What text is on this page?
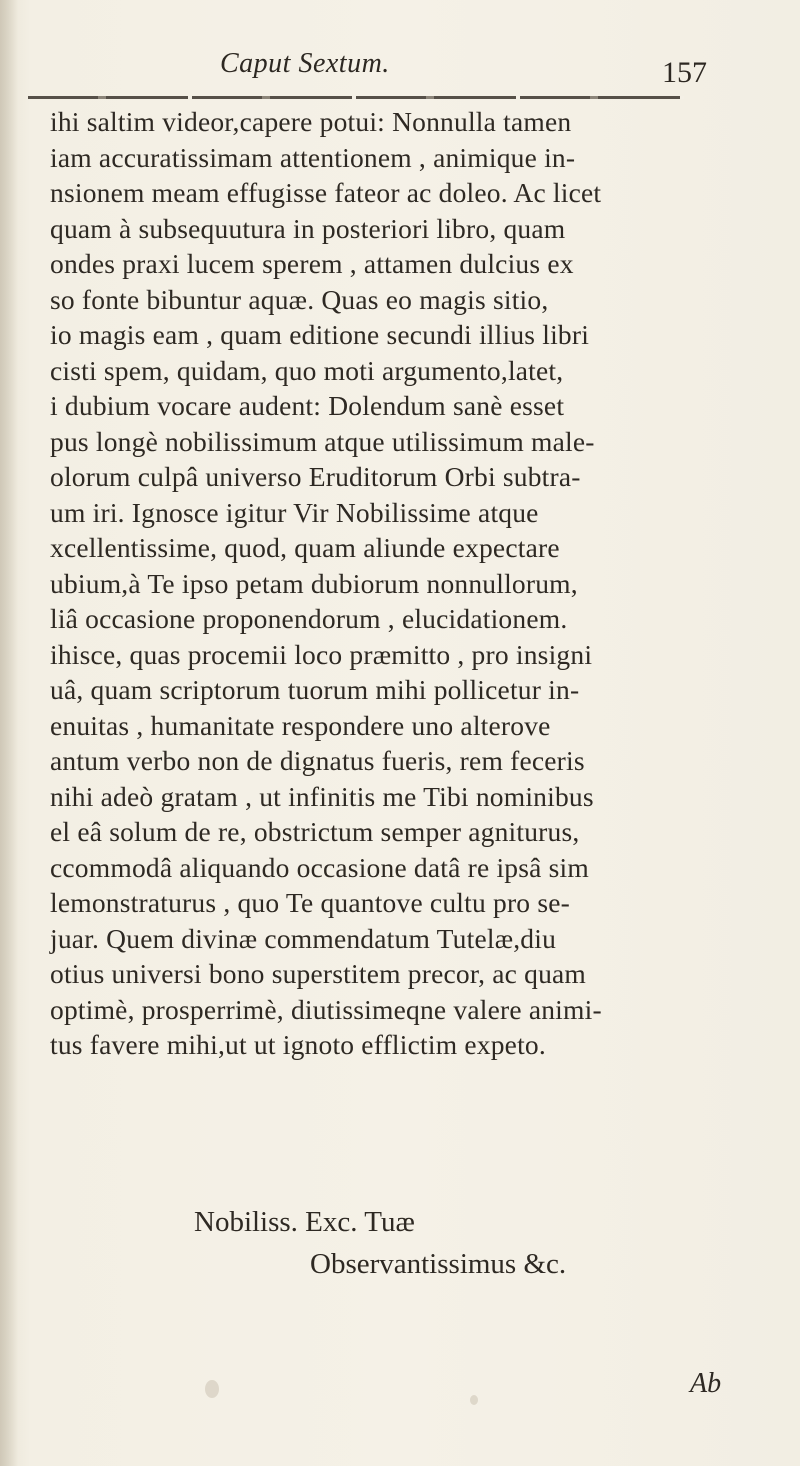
Caput Sextum.	157
ihi saltim videor,capere potui: Nonnulla tamen
iam accuratissimam attentionem , animique in-
nsionem meam effugisse fateor ac doleo. Ac licet
quam à subsequutura in posteriori libro, quam
ondes praxi lucem sperem , attamen dulcius ex
so fonte bibuntur aquæ. Quas eo magis sitio,
io magis eam , quam editione secundi illius libri
cisti spem, quidam, quo moti argumento,latet,
i dubium vocare audent: Dolendum sanè esset
pus longè nobilissimum atque utilissimum male-
olorum culpâ universo Eruditorum Orbi subtra-
um iri. Ignosce igitur Vir Nobilissime atque
xcellentissime, quod, quam aliunde expectare
ubium,à Te ipso petam dubiorum nonnullorum,
liâ occasione proponendorum , elucidationem.
ihisce, quas procemii loco præmitto , pro insigni
uâ, quam scriptorum tuorum mihi pollicetur in-
enuitas , humanitate respondere uno alterove
antum verbo non de dignatus fueris, rem feceris
nihi adeò gratam , ut infinitis me Tibi nominibus
el eâ solum de re, obstrictum semper agniturus,
ccommodâ aliquando occasione datâ re ipsâ sim
lemonstraturus , quo Te quantove cultu pro se-
juar. Quem divinæ commendatum Tutelæ,diu
otius universi bono superstitem precor, ac quam
optimè, prosperrimè, diutissimeqne valere animi-
tus favere mihi,ut ut ignoto efflictim expeto.
Nobiliss. Exc. Tuæ
Observantissimus &c.
Ab
